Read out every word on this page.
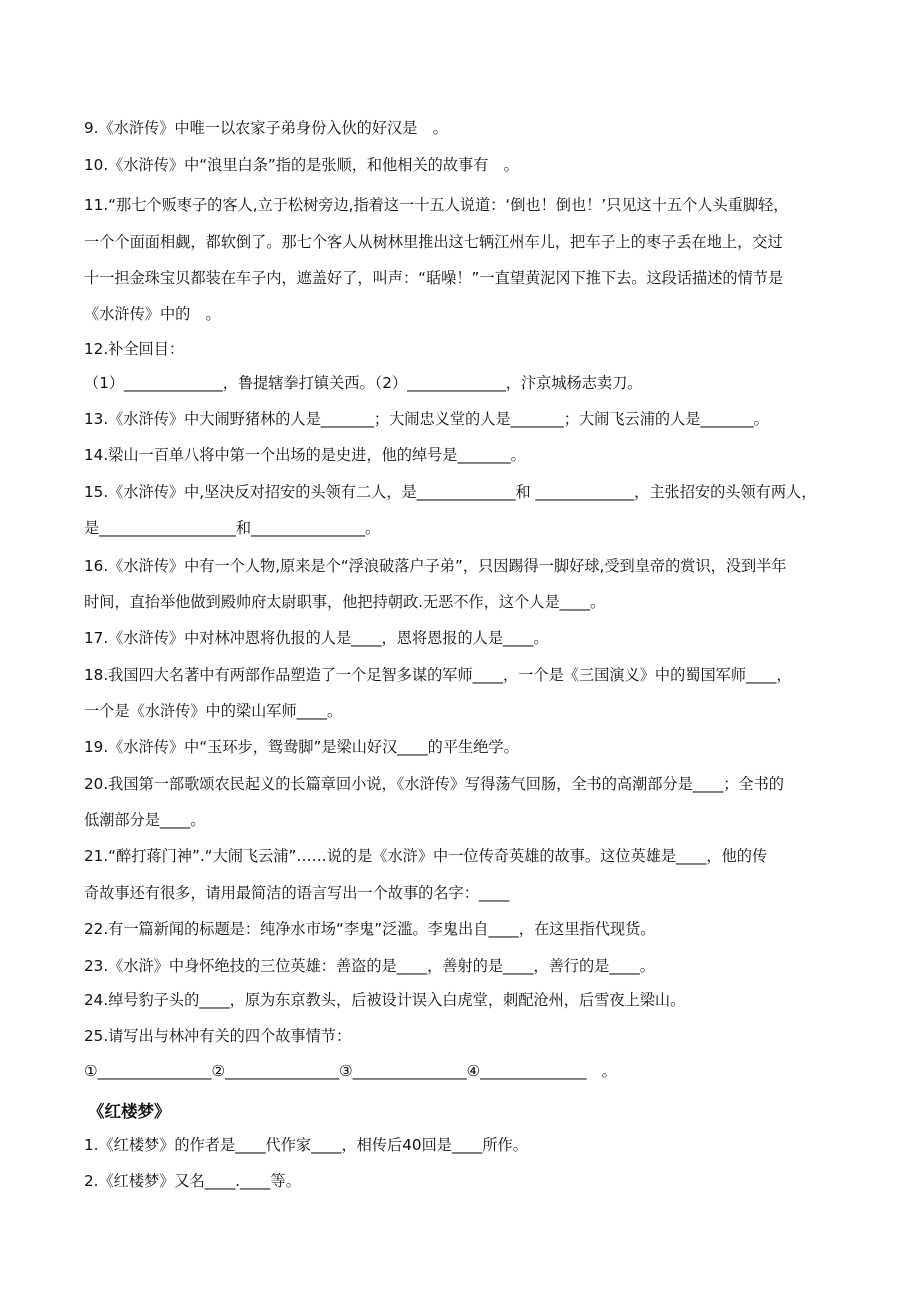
9.《水浒传》中唯一以农家子弟身份入伙的好汉是　。
10.《水浒传》中“浪里白条”指的是张顺，和他相关的故事有　。
11.“那七个贩枣子的客人,立于松树旁边,指着这一十五人说道：‘倒也！倒也！’只见这十五个人头重脚轻，
一个个面面相觑，都软倒了。那七个客人从树林里推出这七辆江州车儿，把车子上的枣子丢在地上，交过
十一担金珠宝贝都装在车子内，遮盖好了，叫声：“聒噪！”一直望黄泥冈下推下去。这段话描述的情节是
《水浒传》中的　。
12.补全回目：
（1）_____________，鲁提辖拳打镇关西。（2）_____________，汴京城杨志卖刀。
13.《水浒传》中大闹野猪林的人是_______；大闹忠义堂的人是_______；大闹飞云浦的人是_______。
14.梁山一百单八将中第一个出场的是史进，他的绰号是_______。
15.《水浒传》中,坚决反对招安的头领有二人，是_____________和 _____________，主张招安的头领有两人，
是__________________和_______________。
16.《水浒传》中有一个人物,原来是个“浮浪破落户子弟”，只因踢得一脚好球,受到皇帝的赏识，没到半年
时间，直抬举他做到殿帅府太尉职事，他把持朝政.无恶不作，这个人是____。
17.《水浒传》中对林冲恩将仇报的人是____，恩将恩报的人是____。
18.我国四大名著中有两部作品塑造了一个足智多谋的军师____，一个是《三国演义》中的蜀国军师____，
一个是《水浒传》中的梁山军师____。
19.《水浒传》中“玉环步，鸳鸯脚”是梁山好汉____的平生绝学。
20.我国第一部歌颂农民起义的长篇章回小说，《水浒传》写得荡气回肠，全书的高潮部分是____；全书的
低潮部分是____。
21.“醉打蒋门神”.“大闹飞云浦”……说的是《水浒》中一位传奇英雄的故事。这位英雄是____，他的传
奇故事还有很多，请用最简洁的语言写出一个故事的名字：____
22.有一篇新闻的标题是：纯净水市场“李鬼”泛滥。李鬼出自____，在这里指代现货。
23.《水浒》中身怀绝技的三位英雄：善盗的是____，善射的是____，善行的是____。
24.绰号豹子头的____，原为东京教头，后被设计误入白虎堂，刺配沧州，后雪夜上梁山。
25.请写出与林冲有关的四个故事情节：
①_______________②_______________③_______________④______________　。
《红楼梦》
1.《红楼梦》的作者是____代作家____，相传后40回是____所作。
2.《红楼梦》又名____.____等。
